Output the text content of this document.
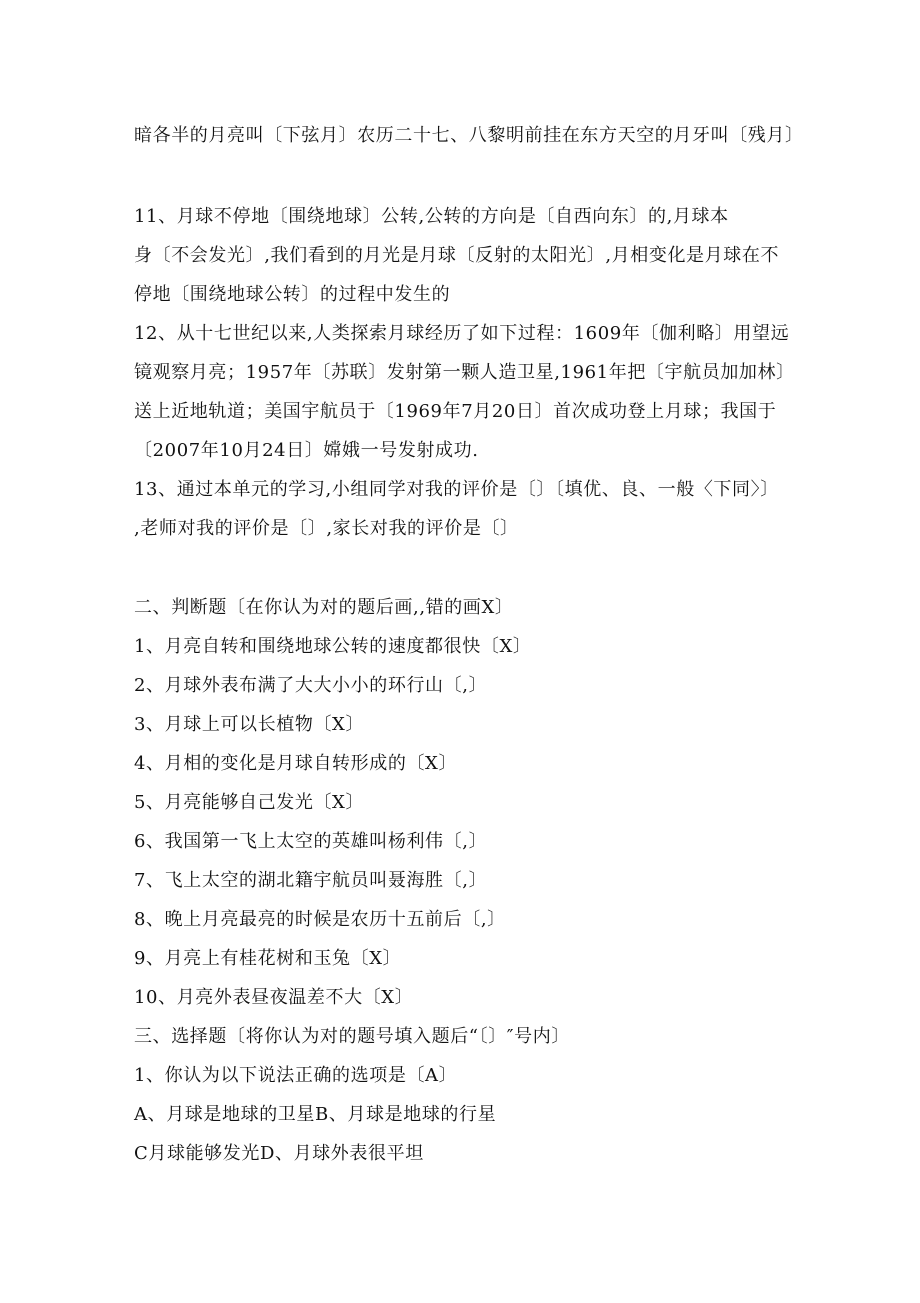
暗各半的月亮叫〔下弦月〕农历二十七、八黎明前挂在东方天空的月牙叫〔残月〕
11、月球不停地〔围绕地球〕公转,公转的方向是〔自西向东〕的,月球本
身〔不会发光〕,我们看到的月光是月球〔反射的太阳光〕,月相变化是月球在不
停地〔围绕地球公转〕的过程中发生的
12、从十七世纪以来,人类探索月球经历了如下过程：1609年〔伽利略〕用望远
镜观察月亮；1957年〔苏联〕发射第一颗人造卫星,1961年把〔宇航员加加林〕
送上近地轨道；美国宇航员于〔1969年7月20日〕首次成功登上月球；我国于
〔2007年10月24日〕嫦娥一号发射成功.
13、通过本单元的学习,小组同学对我的评价是〔〕〔填优、良、一般〈下同〉〕
,老师对我的评价是〔〕,家长对我的评价是〔〕
二、判断题〔在你认为对的题后画,,错的画X〕
1、月亮自转和围绕地球公转的速度都很快〔X〕
2、月球外表布满了大大小小的环行山〔,〕
3、月球上可以长植物〔X〕
4、月相的变化是月球自转形成的〔X〕
5、月亮能够自己发光〔X〕
6、我国第一飞上太空的英雄叫杨利伟〔,〕
7、飞上太空的湖北籍宇航员叫聂海胜〔,〕
8、晚上月亮最亮的时候是农历十五前后〔,〕
9、月亮上有桂花树和玉兔〔X〕
10、月亮外表昼夜温差不大〔X〕
三、选择题〔将你认为对的题号填入题后“〔〕″号内〕
1、你认为以下说法正确的选项是〔A〕
A、月球是地球的卫星B、月球是地球的行星
C月球能够发光D、月球外表很平坦
